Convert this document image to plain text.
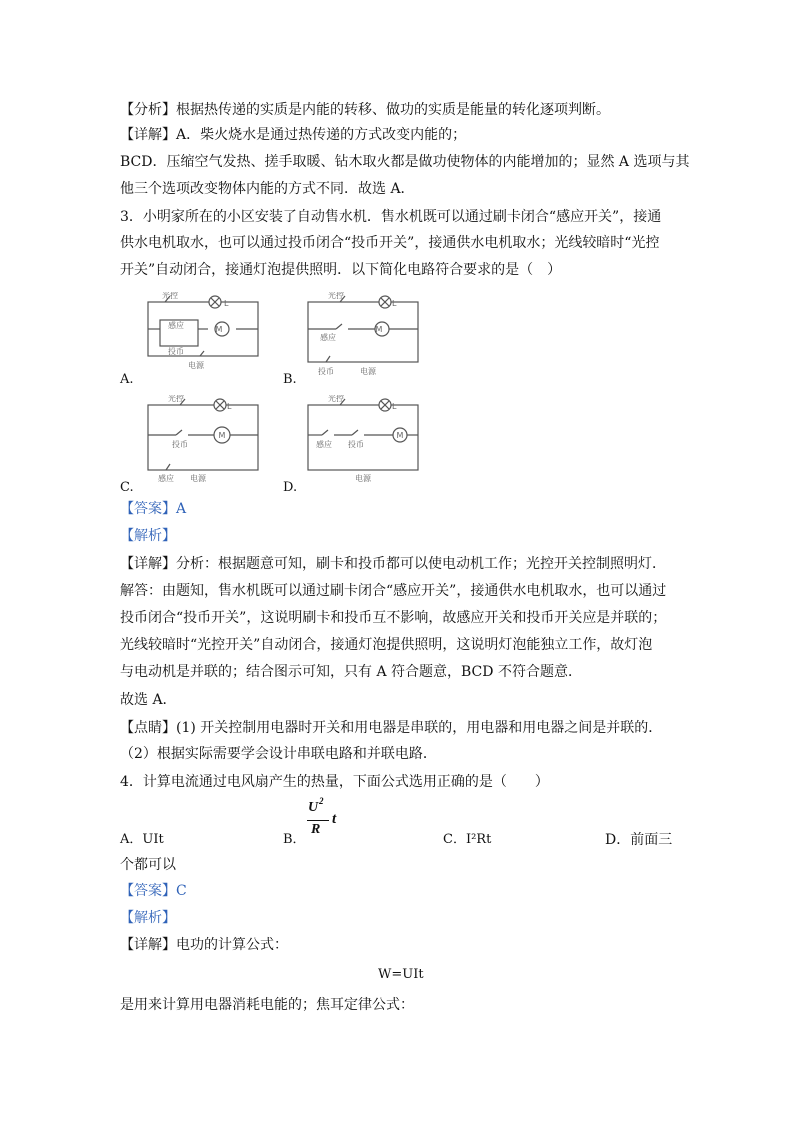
【分析】根据热传递的实质是内能的转移、做功的实质是能量的转化逐项判断。
【详解】A．柴火烧水是通过热传递的方式改变内能的；
BCD．压缩空气发热、搓手取暖、钻木取火都是做功使物体的内能增加的；显然 A 选项与其
他三个选项改变物体内能的方式不同．故选 A．
3．小明家所在的小区安装了自动售水机．售水机既可以通过刷卡闭合“感应开关”，接通
供水电机取水，也可以通过投币闭合“投币开关”，接通供水电机取水；光线较暗时“光控
开关”自动闭合，接通灯泡提供照明．以下简化电路符合要求的是（　）
光控
感应
投币
电源
M
L
A.
光控
感应
投币	电源
M
L
B.
光控
投币
感应 电源
M
L
C.
光控
感应 投币
电源
M
L
D.
【答案】A
【解析】
【详解】分析：根据题意可知，刷卡和投币都可以使电动机工作；光控开关控制照明灯．
解答：由题知，售水机既可以通过刷卡闭合“感应开关”，接通供水电机取水，也可以通过
投币闭合“投币开关”，这说明刷卡和投币互不影响，故感应开关和投币开关应是并联的；
光线较暗时“光控开关”自动闭合，接通灯泡提供照明，这说明灯泡能独立工作，故灯泡
与电动机是并联的；结合图示可知，只有 A 符合题意，BCD 不符合题意．
故选 A．
【点睛】(1) 开关控制用电器时开关和用电器是串联的，用电器和用电器之间是并联的．
（2）根据实际需要学会设计串联电路和并联电路．
4．计算电流通过电风扇产生的热量，下面公式选用正确的是（　　）
A．UIt	B．
U 2
R
t
C．I²Rt	D．前面三
个都可以
【答案】C
【解析】
【详解】电功的计算公式：
W=UIt
是用来计算用电器消耗电能的；焦耳定律公式：
